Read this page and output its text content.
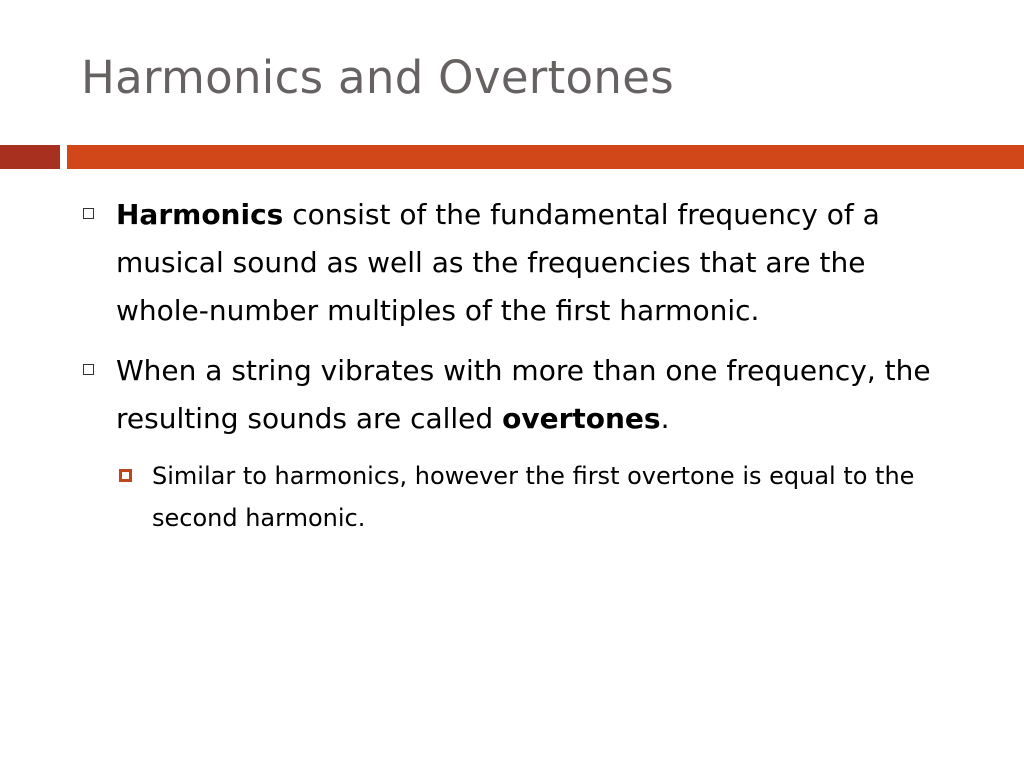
Harmonics and Overtones
Harmonics consist of the fundamental frequency of a musical sound as well as the frequencies that are the whole-number multiples of the first harmonic.
When a string vibrates with more than one frequency, the resulting sounds are called overtones.
Similar to harmonics, however the first overtone is equal to the second harmonic.
